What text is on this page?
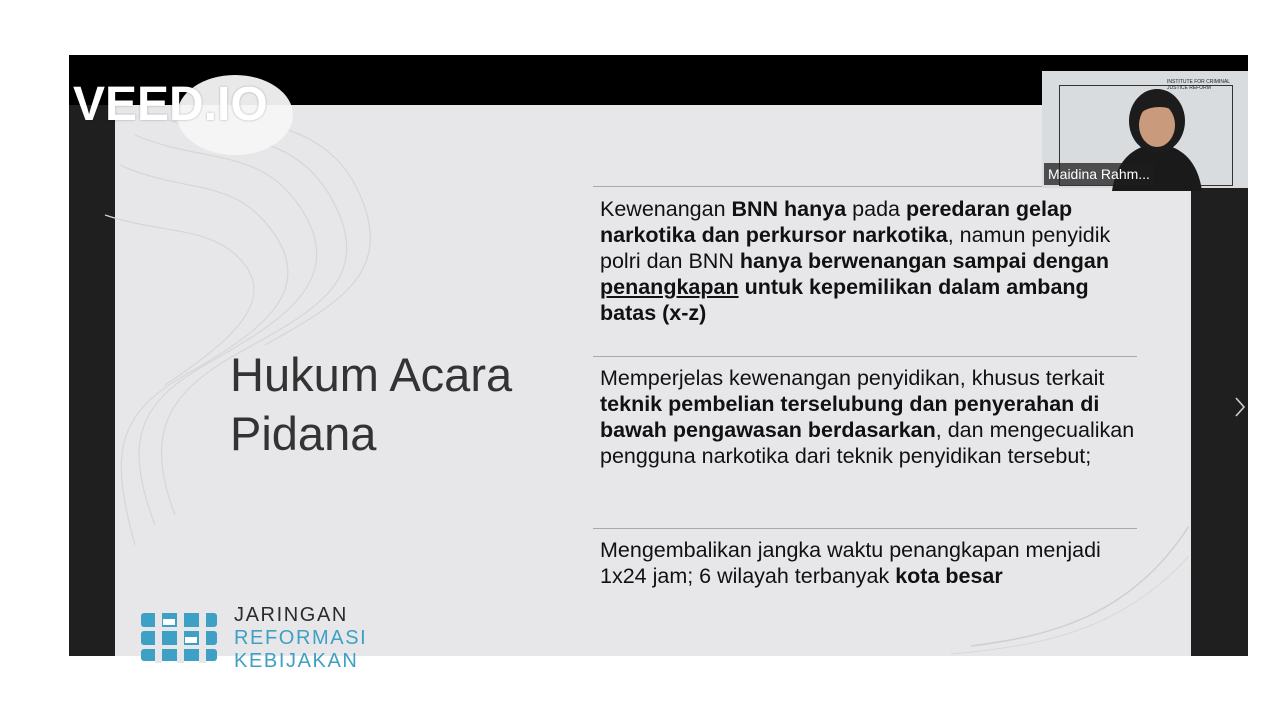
Hukum Acara Pidana
Kewenangan BNN hanya pada peredaran gelap narkotika dan perkursor narkotika, namun penyidik polri dan BNN hanya berwenangan sampai dengan penangkapan untuk kepemilikan dalam ambang batas (x-z)
Memperjelas kewenangan penyidikan, khusus terkait teknik pembelian terselubung dan penyerahan di bawah pengawasan berdasarkan, dan mengecualikan pengguna narkotika dari teknik penyidikan tersebut;
Mengembalikan jangka waktu penangkapan menjadi 1x24 jam; 6 wilayah terbanyak kota besar
JARINGAN
REFORMASI
KEBIJAKAN
VEED.IO	INSTITUTE FOR CRIMINAL JUSTICE REFORM
Maidina Rahm...
